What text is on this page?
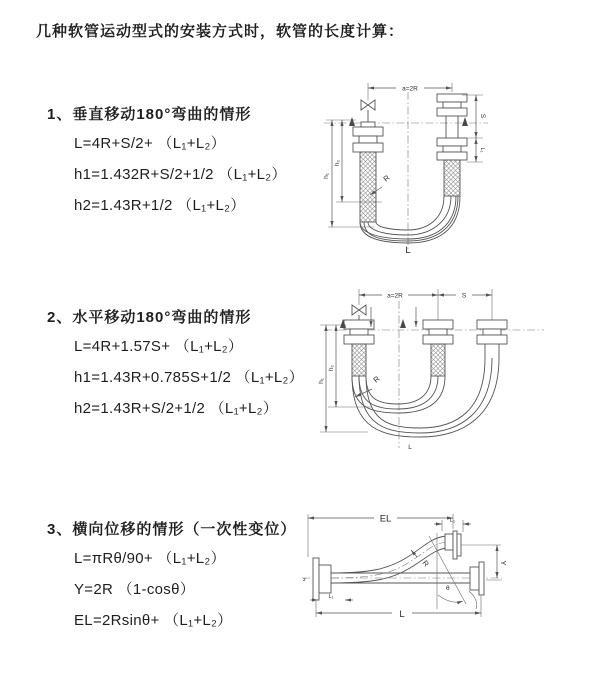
几种软管运动型式的安装方式时，软管的长度计算：
1、垂直移动180°弯曲的情形
L=4R+S/2+ （L₁+L₂）
h1=1.432R+S/2+1/2 （L₁+L₂）
h2=1.43R+1/2 （L₁+L₂）
a=2R
h₁
h₂
S
L₁
R
L
2、水平移动180°弯曲的情形
L=4R+1.57S+ （L₁+L₂）
h1=1.43R+0.785S+1/2 （L₁+L₂）
h2=1.43R+S/2+1/2 （L₁+L₂）
a=2R	S
h₁
h₂
R
L
3、横向位移的情形（一次性变位）
L=πRθ/90+ （L₁+L₂）
Y=2R （1-cosθ）
EL=2Rsinθ+ （L₁+L₂）
EL	L₁
Y
L
L₁
R
θ
z
